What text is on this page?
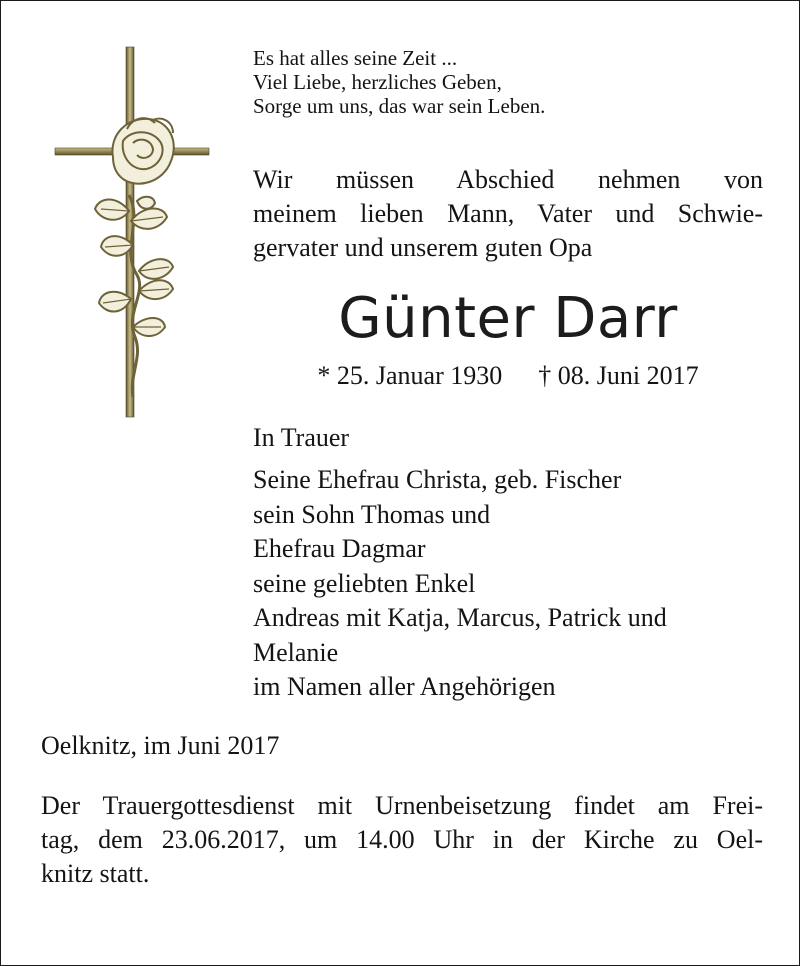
Es hat alles seine Zeit ...
Viel Liebe, herzliches Geben,
Sorge um uns, das war sein Leben.
Wir müssen Abschied nehmen von
meinem lieben Mann, Vater und Schwie-
gervater und unserem guten Opa
Günter Darr
* 25. Januar 1930 † 08. Juni 2017
In Trauer
Seine Ehefrau Christa, geb. Fischer
sein Sohn Thomas und
Ehefrau Dagmar
seine geliebten Enkel
Andreas mit Katja, Marcus, Patrick und
Melanie
im Namen aller Angehörigen
Oelknitz, im Juni 2017
Der Trauergottesdienst mit Urnenbeisetzung findet am Frei-
tag, dem 23.06.2017, um 14.00 Uhr in der Kirche zu Oel-
knitz statt.
